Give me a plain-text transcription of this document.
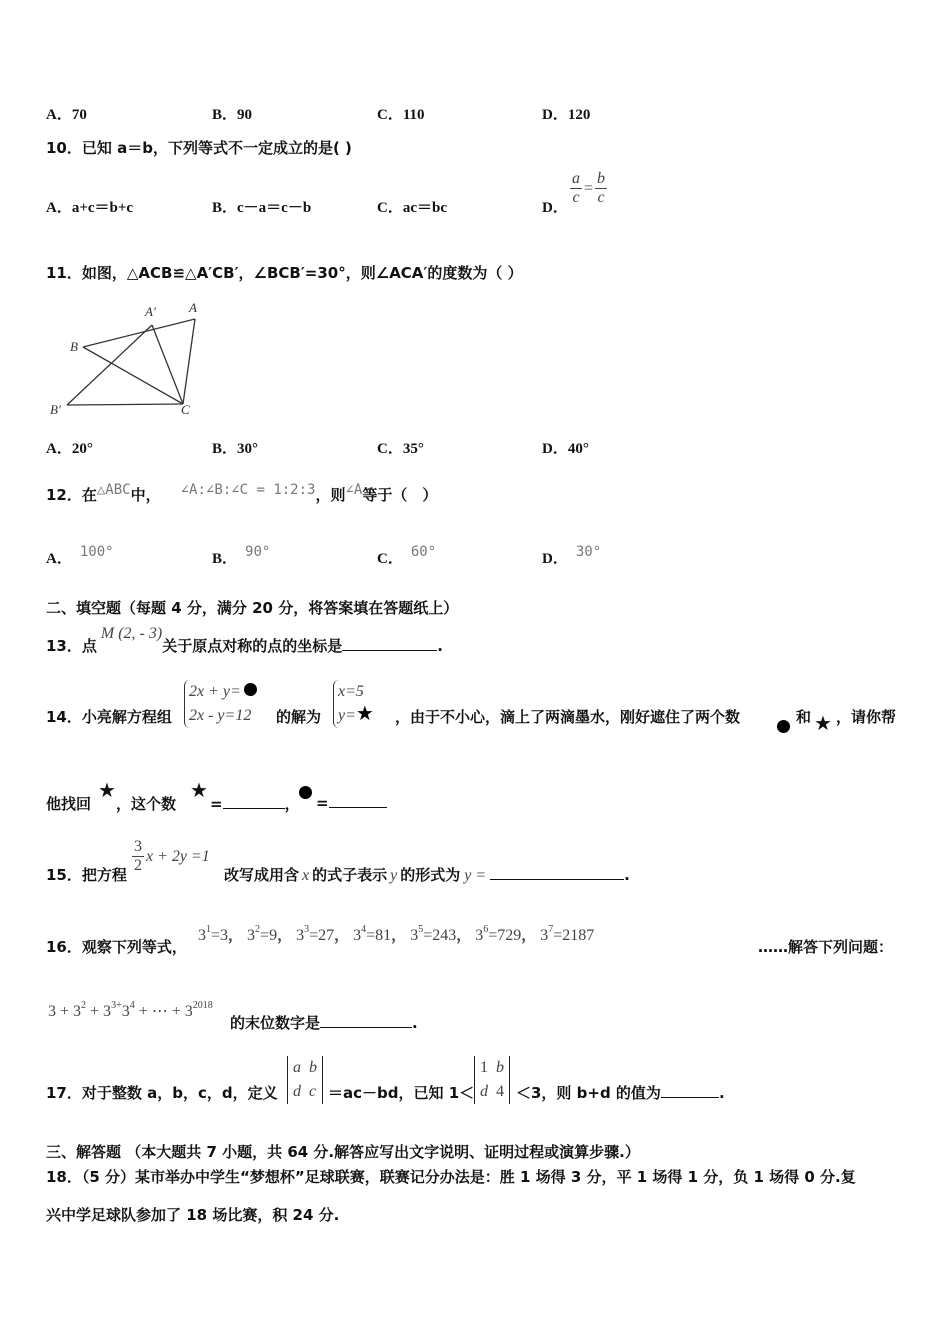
A．70	B．90	C．110	D．120
10．已知 a＝b，下列等式不一定成立的是( )
A．a+c＝b+c	B．c－a＝c－b	C．ac＝bc	D．
$\frac{a}{c} = \frac{b}{c}$
11．如图，△ACB≌△A′CB′，∠BCB′=30°，则∠ACA′的度数为（ ）
A′	A
B
B′	C
A．20°	B．30°	C．35°	D．40°
12．在△ABC中， ∠A:∠B:∠C = 1:2:3，则∠A等于（　）
A． 100°	B． 90°	C． 60°	D． 30°
二、填空题（每题 4 分，满分 20 分，将答案填在答题纸上）
13．点M (2, - 3)关于原点对称的点的坐标是	.
14．小亮解方程组
2x + y=
2x - y=12	的解为
x=5
y=★ ，由于不小心，滴上了两滴墨水，刚好遮住了两个数	和 ★ ，请你帮
他找回
★
，这个数
★
=	， =
15．把方程 $\frac{3}{2}$ x + 2y =1
改写成用含 x 的式子表示 y 的形式为 y =	.
16．观察下列等式，
$3^1=3$， $3^2=9$， $3^3=27$， $3^4=81$， $3^5=243$， $3^6=729$， $3^7=2187$
……解答下列问题：
$3 + 3^2 + 3^{3+}3^4$ + ⋯ + $3^{2018}$
的末位数字是	.
17．对于整数 a，b，c，d，定义
a b
d c ＝ac－bd，已知 1＜
1 b
d 4 ＜3，则 b+d 的值为	.
三、解答题 （本大题共 7 小题，共 64 分.解答应写出文字说明、证明过程或演算步骤.）
18．（5 分）某市举办中学生“梦想杯”足球联赛，联赛记分办法是：胜 1 场得 3 分，平 1 场得 1 分，负 1 场得 0 分.复
兴中学足球队参加了 18 场比赛，积 24 分.
